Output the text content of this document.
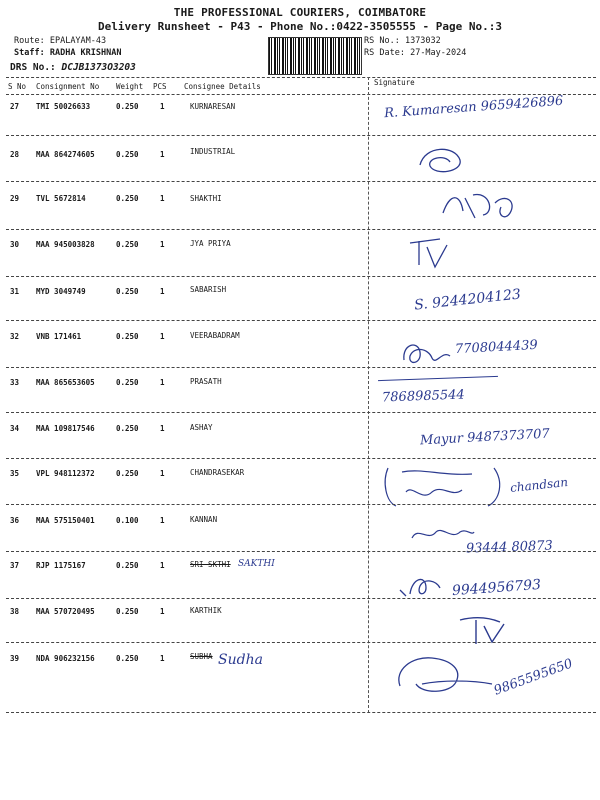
THE PROFESSIONAL COURIERS, COIMBATORE
Delivery Runsheet - P43 - Phone No.:0422-3505555 - Page No.:3
Route: EPALAYAM-43
Staff: RADHA KRISHNAN
DRS No.: DCJB1373O3203
RS No.: 1373032
RS Date: 27-May-2024
S No Consignment No Weight PCS Consignee Details	Signature
27 TMI 50026633	0.250	1	KURNARESAN	R. Kumaresan 9659426896
28 MAA 864274605	0.250	1	INDUSTRIAL
29 TVL 5672814	0.250	1	SHAKTHI
30 MAA 945003828	0.250	1	JYA PRIYA
31 MYD 3049749	0.250	1	SABARISH	S. 9244204123
32 VNB 171461	0.250	1	VEERABADRAM
7708044439
33 MAA 865653605	0.250	1	PRASATH
7868985544
34 MAA 109817546	0.250	1	ASHAY	Mayur 9487373707
35 VPL 948112372	0.250	1	CHANDRASEKAR
chandsan
36 MAA 575150401	0.100	1	KANNAN
93444 80873
37 RJP 1175167	0.250	1	SRI SKTHI SAKTHI
9944956793
38 MAA 570720495	0.250	1	KARTHIK
39 NDA 906232156	0.250	1	SUBHA Sudha	9865595650
